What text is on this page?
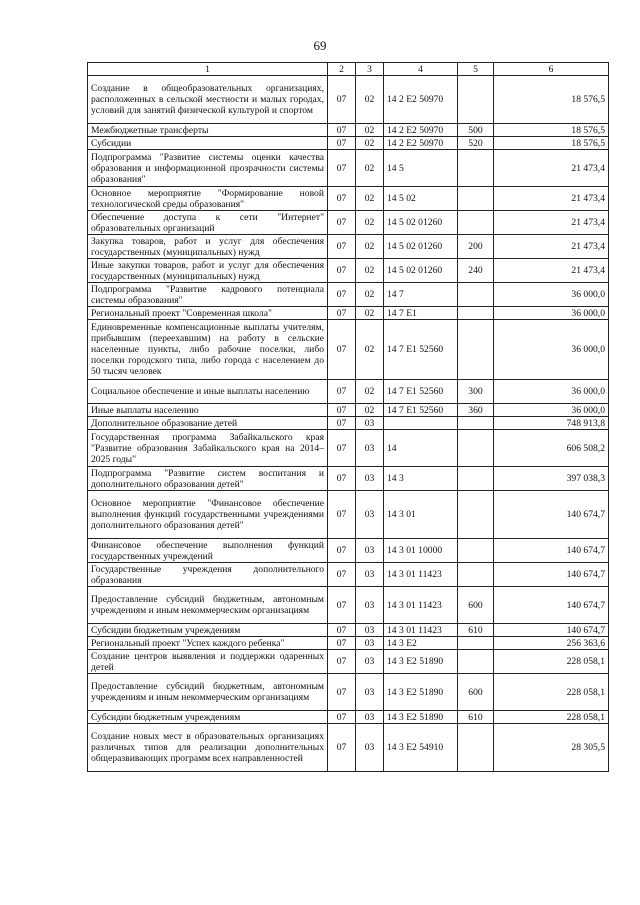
69
1	2	3	4	5	6
Создание в общеобразовательных организациях, расположенных в сельской местности и малых городах, условий для занятий физической культурой и спортом	07	02	14 2 E2 50970		18 576,5
Межбюджетные трансферты	07	02	14 2 E2 50970	500	18 576,5
Субсидии	07	02	14 2 E2 50970	520	18 576,5
Подпрограмма "Развитие системы оценки качества образования и информационной прозрачности системы образования"	07	02	14 5		21 473,4
Основное мероприятие "Формирование новой технологической среды образования"	07	02	14 5 02		21 473,4
Обеспечение доступа к сети "Интернет" образовательных организаций	07	02	14 5 02 01260		21 473,4
Закупка товаров, работ и услуг для обеспечения государственных (муниципальных) нужд	07	02	14 5 02 01260	200	21 473,4
Иные закупки товаров, работ и услуг для обеспечения государственных (муниципальных) нужд	07	02	14 5 02 01260	240	21 473,4
Подпрограмма "Развитие кадрового потенциала системы образования"	07	02	14 7		36 000,0
Региональный проект "Современная школа"	07	02	14 7 E1		36 000,0
Единовременные компенсационные выплаты учителям, прибывшим (переехавшим) на работу в сельские населенные пункты, либо рабочие поселки, либо поселки городского типа, либо города с населением до 50 тысяч человек	07	02	14 7 E1 52560		36 000,0
Социальное обеспечение и иные выплаты населению	07	02	14 7 E1 52560	300	36 000,0
Иные выплаты населению	07	02	14 7 E1 52560	360	36 000,0
Дополнительное образование детей	07	03			748 913,8
Государственная программа Забайкальского края "Развитие образования Забайкальского края на 2014–2025 годы"	07	03	14		606 508,2
Подпрограмма "Развитие систем воспитания и дополнительного образования детей"	07	03	14 3		397 038,3
Основное мероприятие "Финансовое обеспечение выполнения функций государственными учреждениями дополнительного образования детей"	07	03	14 3 01		140 674,7
Финансовое обеспечение выполнения функций государственных учреждений	07	03	14 3 01 10000		140 674,7
Государственные учреждения дополнительного образования	07	03	14 3 01 11423		140 674,7
Предоставление субсидий бюджетным, автономным учреждениям и иным некоммерческим организациям	07	03	14 3 01 11423	600	140 674,7
Субсидии бюджетным учреждениям	07	03	14 3 01 11423	610	140 674,7
Региональный проект "Успех каждого ребенка"	07	03	14 3 E2		256 363,6
Создание центров выявления и поддержки одаренных детей	07	03	14 3 E2 51890		228 058,1
Предоставление субсидий бюджетным, автономным учреждениям и иным некоммерческим организациям	07	03	14 3 E2 51890	600	228 058,1
Субсидии бюджетным учреждениям	07	03	14 3 E2 51890	610	228 058,1
Создание новых мест в образовательных организациях различных типов для реализации дополнительных общеразвивающих программ всех направленностей	07	03	14 3 E2 54910		28 305,5
